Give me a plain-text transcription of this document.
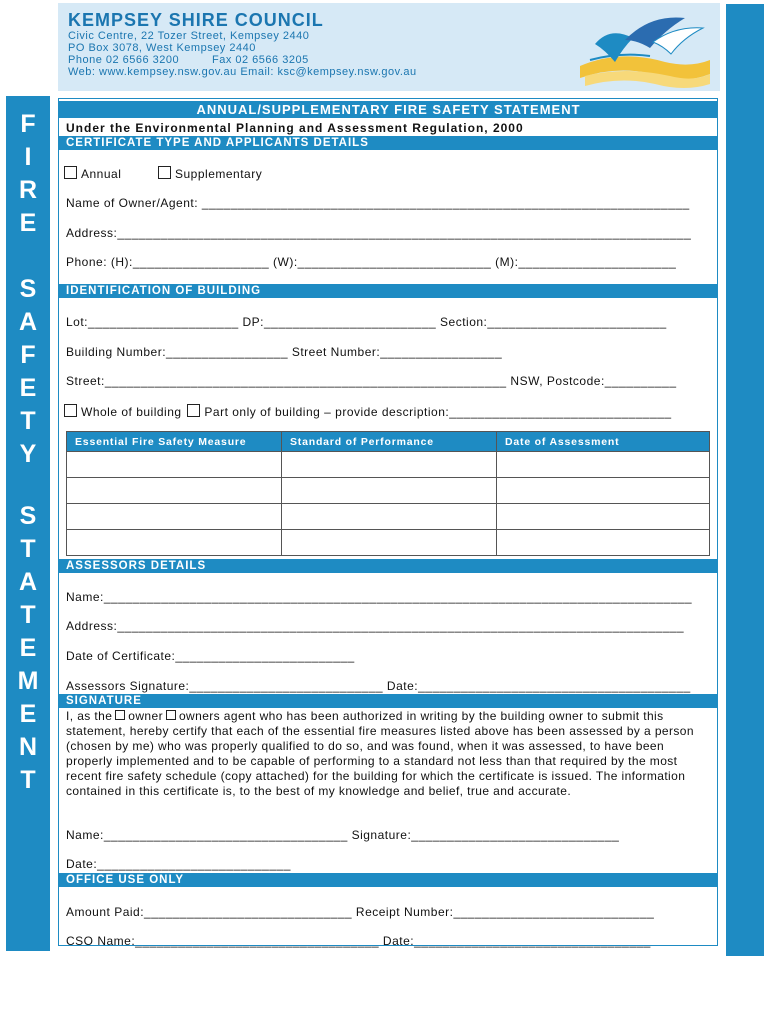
F
I
R
E
S
A
F
E
T
Y
S
T
A
T
E
M
E
N
T
KEMPSEY SHIRE COUNCIL
Civic Centre, 22 Tozer Street, Kempsey 2440
PO Box 3078, West Kempsey 2440
Phone 02 6566 3200	Fax 02 6566 3205
Web: www.kempsey.nsw.gov.au Email: ksc@kempsey.nsw.gov.au
ANNUAL/SUPPLEMENTARY FIRE SAFETY STATEMENT
Under the Environmental Planning and Assessment Regulation, 2000
CERTIFICATE TYPE AND APPLICANTS DETAILS
Annual	Supplementary
Name of Owner/Agent: ____________________________________________________________________
Address:________________________________________________________________________________
Phone: (H):___________________ (W):___________________________ (M):______________________
IDENTIFICATION OF BUILDING
Lot:_____________________ DP:________________________ Section:_________________________
Building Number:_________________ Street Number:_________________
Street:________________________________________________________ NSW, Postcode:__________
Whole of building Part only of building – provide description:_______________________________
Essential Fire Safety Measure	Standard of Performance	Date of Assessment

ASSESSORS DETAILS
Name:__________________________________________________________________________________
Address:_______________________________________________________________________________
Date of Certificate:_________________________
Assessors Signature:___________________________ Date:______________________________________
SIGNATURE
I, as the owner owners agent who has been authorized in writing by the building owner to submit this statement, hereby certify that each of the essential fire measures listed above has been assessed by a person (chosen by me) who was properly qualified to do so, and was found, when it was assessed, to have been properly implemented and to be capable of performing to a standard not less than that required by the most recent fire safety schedule (copy attached) for the building for which the certificate is issued. The information contained in this certificate is, to the best of my knowledge and belief, true and accurate.
Name:__________________________________ Signature:_____________________________
Date:___________________________
OFFICE USE ONLY
Amount Paid:_____________________________ Receipt Number:____________________________
CSO Name:__________________________________ Date:_________________________________
